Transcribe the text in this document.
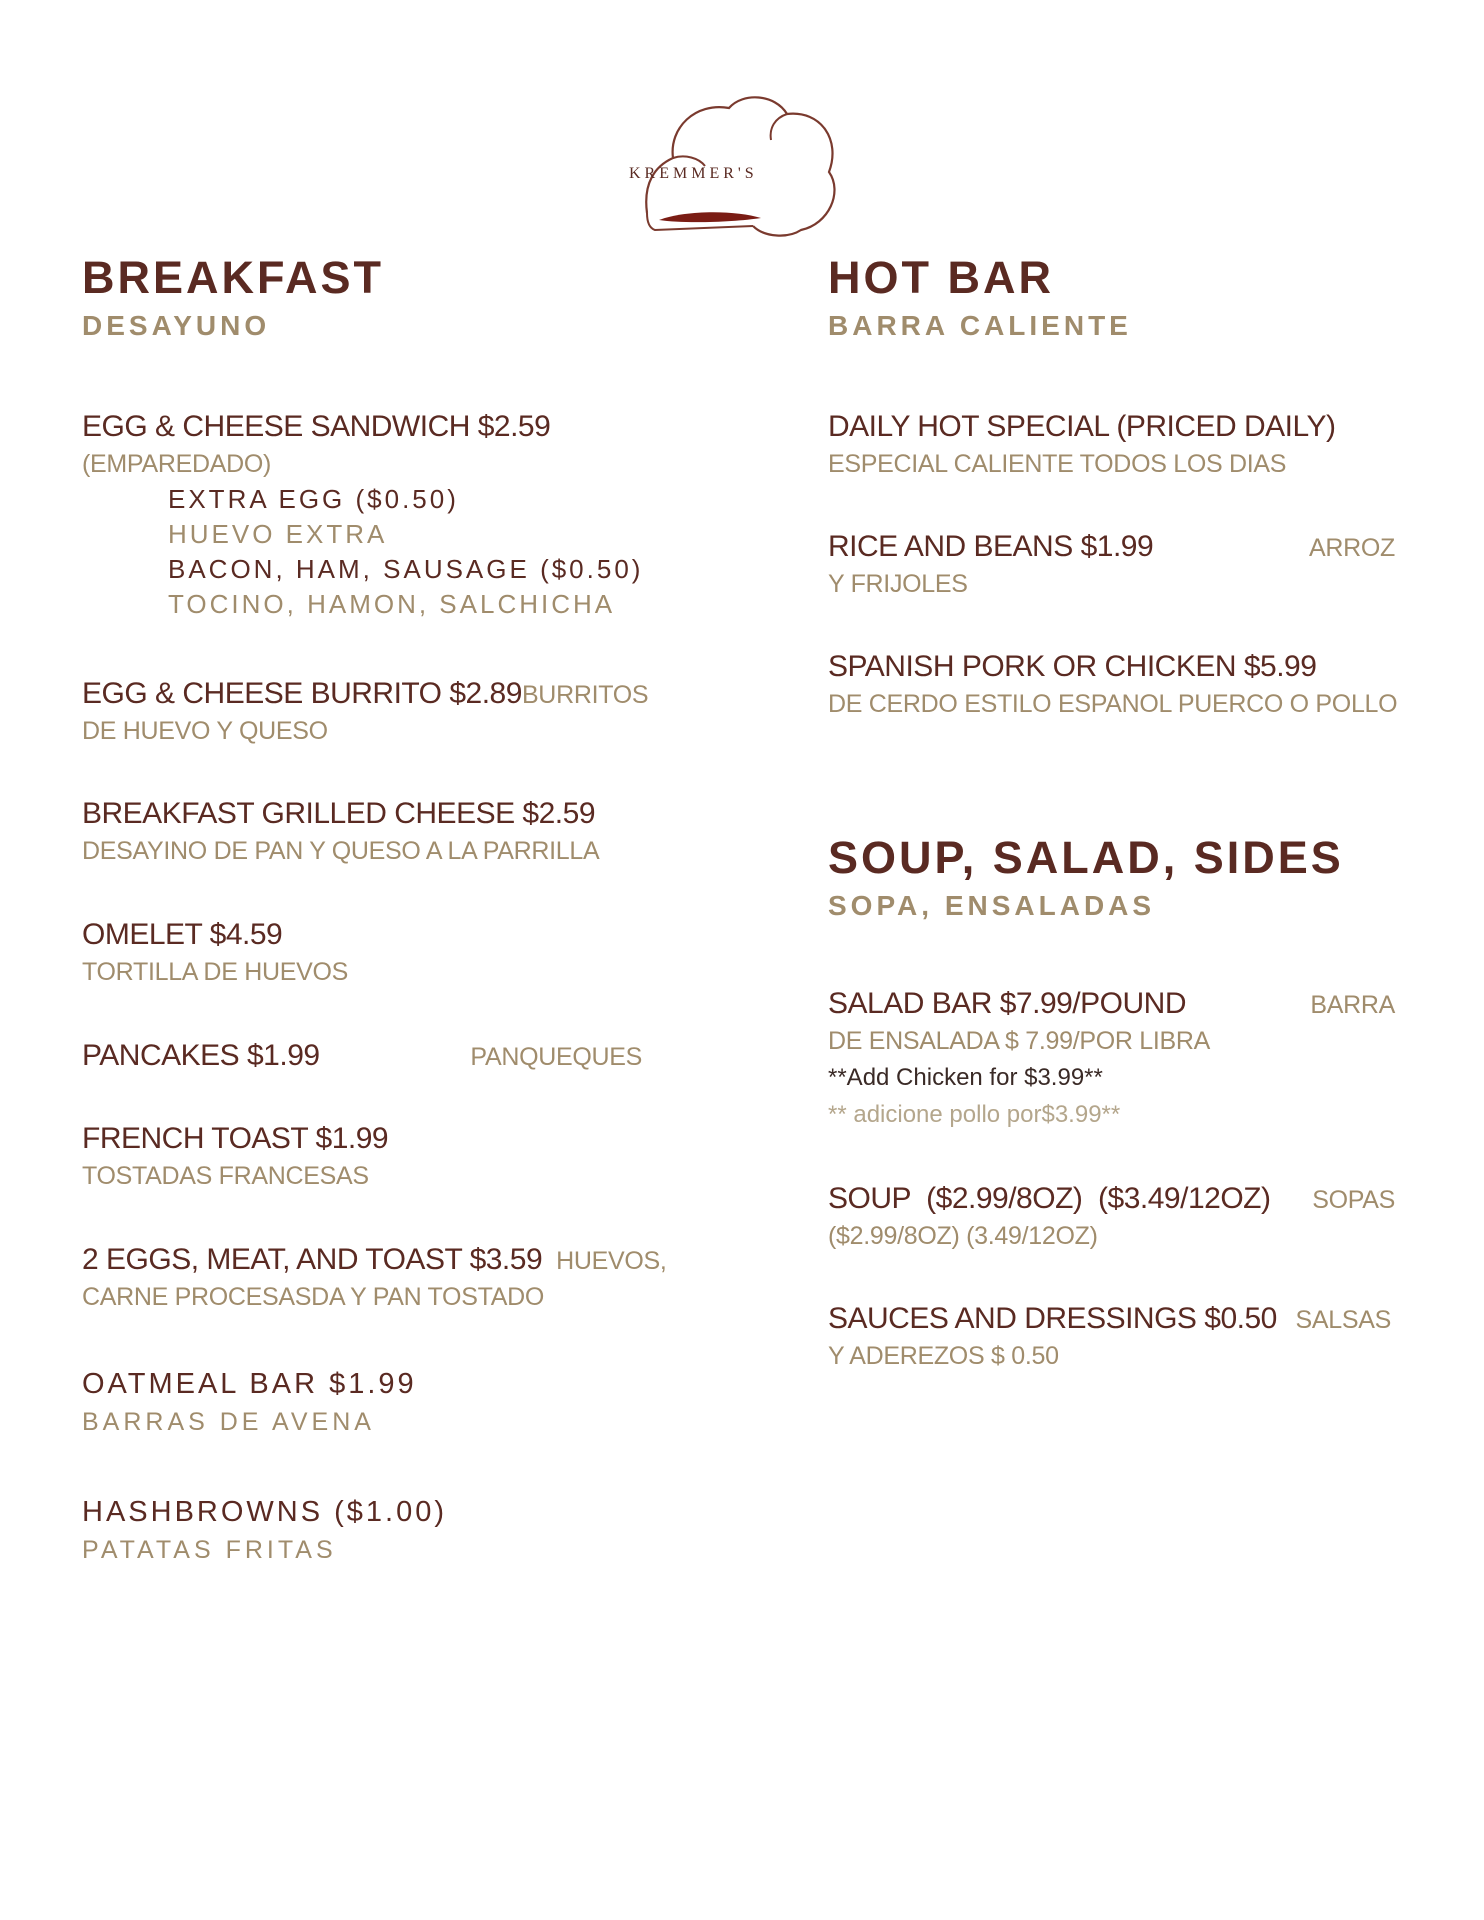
KREMMER'S
BREAKFAST
DESAYUNO
EGG & CHEESE SANDWICH $2.59
(EMPAREDADO)
EXTRA EGG ($0.50)
HUEVO EXTRA
BACON, HAM, SAUSAGE ($0.50)
TOCINO, HAMON, SALCHICHA
EGG & CHEESE BURRITO $2.89 BURRITOS
DE HUEVO Y QUESO
BREAKFAST GRILLED CHEESE $2.59
DESAYINO DE PAN Y QUESO A LA PARRILLA
OMELET $4.59
TORTILLA DE HUEVOS
PANCAKES $1.99	PANQUEQUES
FRENCH TOAST $1.99
TOSTADAS FRANCESAS
2 EGGS, MEAT, AND TOAST $3.59 HUEVOS,
CARNE PROCESASDA Y PAN TOSTADO
OATMEAL BAR $1.99
BARRAS DE AVENA
HASHBROWNS ($1.00)
PATATAS FRITAS
HOT BAR
BARRA CALIENTE
DAILY HOT SPECIAL (PRICED DAILY)
ESPECIAL CALIENTE TODOS LOS DIAS
RICE AND BEANS $1.99	ARROZ
Y FRIJOLES
SPANISH PORK OR CHICKEN $5.99
DE CERDO ESTILO ESPANOL PUERCO O POLLO
SOUP, SALAD, SIDES
SOPA, ENSALADAS
SALAD BAR $7.99/POUND	BARRA
DE ENSALADA $ 7.99/POR LIBRA
**Add Chicken for $3.99**
** adicione pollo por$3.99**
SOUP  ($2.99/8OZ)  ($3.49/12OZ) SOPAS
($2.99/8OZ) (3.49/12OZ)
SAUCES AND DRESSINGS $0.50 SALSAS
Y ADEREZOS $ 0.50
